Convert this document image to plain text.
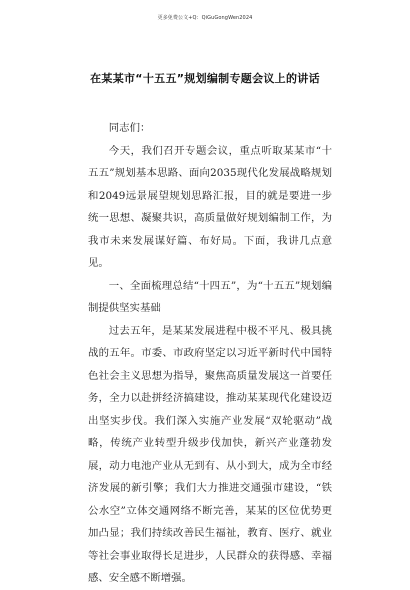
更多免费公文+Q：QiGuGongWen2024
在某某市“十五五”规划编制专题会议上的讲话

同志们：

今天，我们召开专题会议，重点听取某某市“十五五”规划基本思路、面向2035现代化发展战略规划和2049远景展望规划思路汇报，目的就是要进一步统一思想、凝聚共识，高质量做好规划编制工作，为我市未来发展谋好篇、布好局。下面，我讲几点意见。

一、全面梳理总结“十四五”，为“十五五”规划编制提供坚实基础

过去五年，是某某发展进程中极不平凡、极具挑战的五年。市委、市政府坚定以习近平新时代中国特色社会主义思想为指导，聚焦高质量发展这一首要任务，全力以赴拼经济搞建设，推动某某现代化建设迈出坚实步伐。我们深入实施产业发展“双轮驱动”战略，传统产业转型升级步伐加快，新兴产业蓬勃发展，动力电池产业从无到有、从小到大，成为全市经济发展的新引擎；我们大力推进交通强市建设，“铁公水空”立体交通网络不断完善，某某的区位优势更加凸显；我们持续改善民生福祉，教育、医疗、就业等社会事业取得长足进步，人民群众的获得感、幸福感、安全感不断增强。
